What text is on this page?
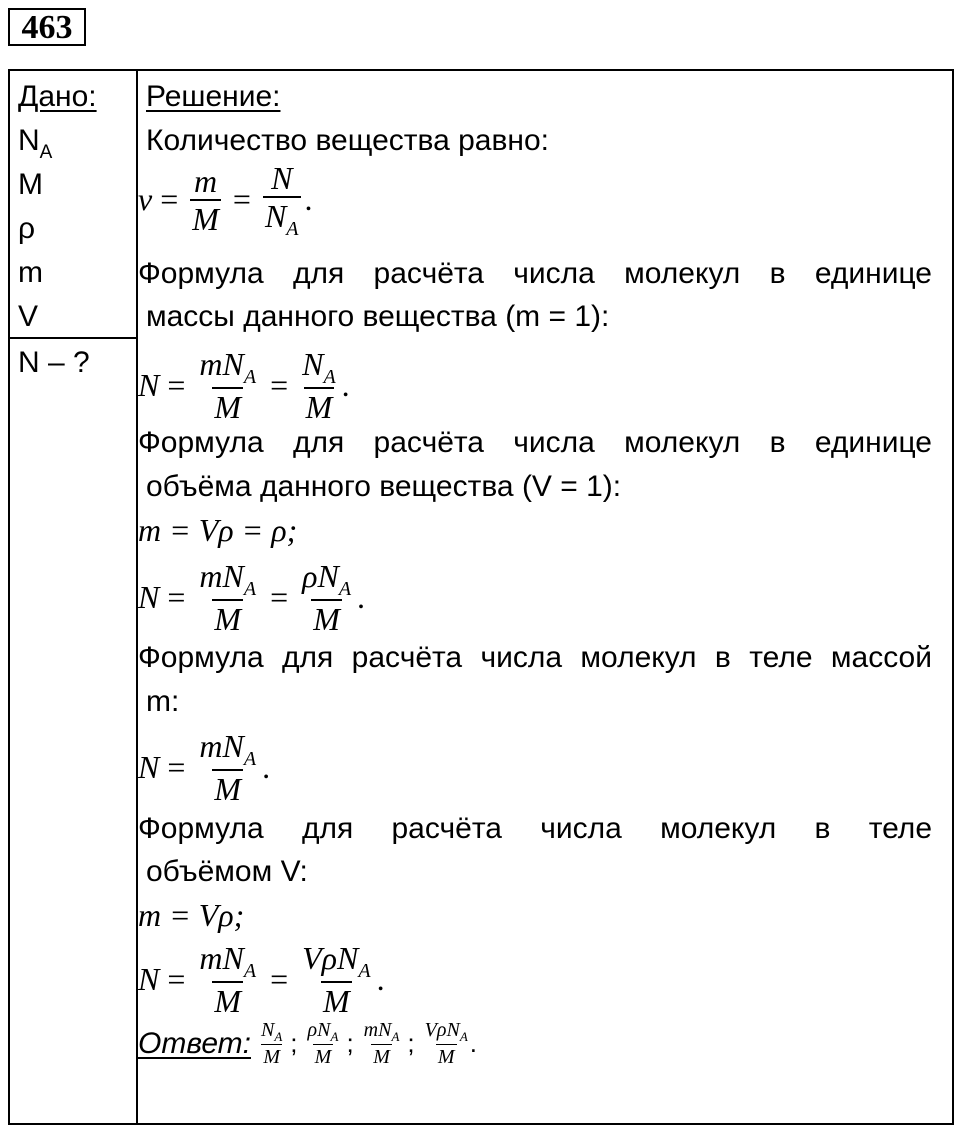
463
Дано:
$N_A$
M
ρ
m
V
N – ?
Решение:
Количество вещества равно:
$\nu = \frac{m}{M} = \frac{N}{N_A}$ .
Формула для расчёта числа молекул в единице
массы данного вещества (m = 1):
$N = \frac{mN_A}{M} = \frac{N_A}{M}$ .
Формула для расчёта числа молекул в единице
объёма данного вещества (V = 1):
m = Vρ = ρ;
$N = \frac{mN_A}{M} = \frac{\rho N_A}{M}$ .
Формула для расчёта числа молекул в теле массой
m:
$N = \frac{mN_A}{M}$ .
Формула для расчёта числа молекул в теле
объёмом V:
m = Vρ;
$N = \frac{mN_A}{M} = \frac{V\rho N_A}{M}$ .
Ответ: $N_A$
M ; $\rho N_A$
M ; $mN_A$
M ; VρN$_A$
M .
